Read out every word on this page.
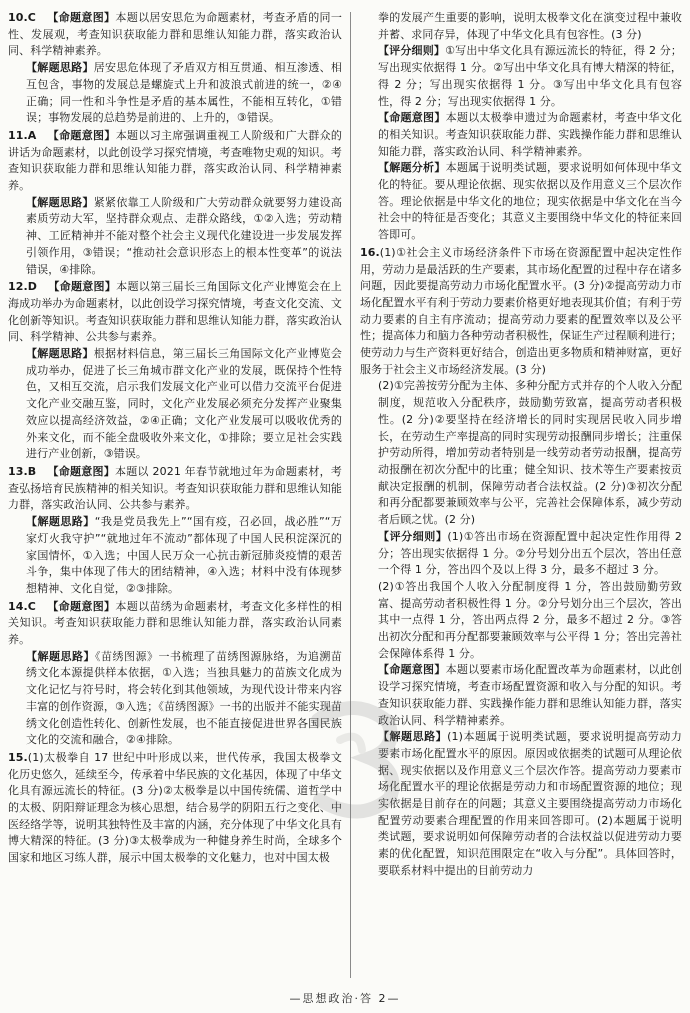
10.C  【命题意图】本题以居安思危为命题素材，考查矛盾的同一性、发展观，考查知识获取能力群和思维认知能力群，落实政治认同、科学精神素养。

【解题思路】居安思危体现了矛盾双方相互贯通、相互渗透、相互包含，事物的发展总是螺旋式上升和波浪式前进的统一，②④正确；同一性和斗争性是矛盾的基本属性，不能相互转化，①错误；事物发展的总趋势是前进的、上升的，③错误。

11.A  【命题意图】本题以习主席强调重视工人阶级和广大群众的讲话为命题素材，以此创设学习探究情境，考查唯物史观的知识。考查知识获取能力群和思维认知能力群，落实政治认同、科学精神素养。

【解题思路】紧紧依靠工人阶级和广大劳动群众就要努力建设高素质劳动大军，坚持群众观点、走群众路线，①②入选；劳动精神、工匠精神并不能对整个社会主义现代化建设进一步发展发挥引领作用，③错误；“推动社会意识形态上的根本性变革”的说法错误，④排除。

12.D  【命题意图】本题以第三届长三角国际文化产业博览会在上海成功举办为命题素材，以此创设学习探究情境，考查文化交流、文化创新等知识。考查知识获取能力群和思维认知能力群，落实政治认同、科学精神、公共参与素养。

【解题思路】根据材料信息，第三届长三角国际文化产业博览会成功举办，促进了长三角城市群文化产业的发展，既保持个性特色，又相互交流，启示我们发展文化产业可以借力交流平台促进文化产业交融互鉴，同时，文化产业发展必须充分发挥产业聚集效应以提高经济效益，②④正确；文化产业发展可以吸收优秀的外来文化，而不能全盘吸收外来文化，①排除；要立足社会实践进行产业创新，③错误。

13.B  【命题意图】本题以 2021 年春节就地过年为命题素材，考查弘扬培育民族精神的相关知识。考查知识获取能力群和思维认知能力群，落实政治认同、公共参与素养。

【解题思路】“我是党员我先上”“国有疫，召必回，战必胜”“万家灯火我守护”“就地过年不流动”都体现了中国人民积淀深沉的家国情怀，①入选；中国人民万众一心抗击新冠肺炎疫情的艰苦斗争，集中体现了伟大的团结精神，④入选；材料中没有体现梦想精神、文化自觉，②③排除。

14.C  【命题意图】本题以苗绣为命题素材，考查文化多样性的相关知识。考查知识获取能力群和思维认知能力群，落实政治认同素养。

【解题思路】《苗绣图源》一书梳理了苗绣图源脉络，为追溯苗绣文化本源提供样本依据，①入选；当独具魅力的苗族文化成为文化记忆与符号时，将会转化到其他领域，为现代设计带来内容丰富的创作资源，③入选；《苗绣图源》一书的出版并不能实现苗绣文化创造性转化、创新性发展，也不能直接促进世界各国民族文化的交流和融合，②④排除。

15.(1)太极拳自 17 世纪中叶形成以来，世代传承，我国太极拳文化历史悠久，延续至今，传承着中华民族的文化基因，体现了中华文化具有源远流长的特征。(3 分)②太极拳是以中国传统儒、道哲学中的太极、阴阳辩证理念为核心思想，结合易学的阴阳五行之变化、中医经络学等，说明其独特性及丰富的内涵，充分体现了中华文化具有博大精深的特征。(3 分)③太极拳成为一种健身养生时尚，全球多个国家和地区习练人群，展示中国太极拳的文化魅力，也对中国太极

拳的发展产生重要的影响，说明太极拳文化在演变过程中兼收并蓄、求同存异，体现了中华文化具有包容性。(3 分)

【评分细则】①写出中华文化具有源远流长的特征，得 2 分；写出现实依据得 1 分。②写出中华文化具有博大精深的特征，得 2 分；写出现实依据得 1 分。③写出中华文化具有包容性，得 2 分；写出现实依据得 1 分。

【命题意图】本题以太极拳申遗过为命题素材，考查中华文化的相关知识。考查知识获取能力群、实践操作能力群和思维认知能力群，落实政治认同、科学精神素养。

【解题分析】本题属于说明类试题，要求说明如何体现中华文化的特征。要从理论依据、现实依据以及作用意义三个层次作答。理论依据是中华文化的地位；现实依据是中华文化在当今社会中的特征是否变化；其意义主要围绕中华文化的特征来回答即可。

16.(1)①社会主义市场经济条件下市场在资源配置中起决定性作用，劳动力是最活跃的生产要素，其市场化配置的过程中存在诸多问题，因此要提高劳动力市场化配置水平。(3 分)②提高劳动力市场化配置水平有利于劳动力要素价格更好地表现其价值；有利于劳动力要素的自主有序流动；提高劳动力要素的配置效率以及公平性；提高体力和脑力各种劳动者积极性，保证生产过程顺利进行；使劳动力与生产资料更好结合，创造出更多物质和精神财富，更好服务于社会主义市场经济发展。(3 分)

(2)①完善按劳分配为主体、多种分配方式并存的个人收入分配制度，规范收入分配秩序，鼓励勤劳致富，提高劳动者积极性。(2 分)②要坚持在经济增长的同时实现居民收入同步增长，在劳动生产率提高的同时实现劳动报酬同步增长；注重保护劳动所得，增加劳动者特别是一线劳动者劳动报酬，提高劳动报酬在初次分配中的比重；健全知识、技术等生产要素按贡献决定报酬的机制，保障劳动者合法权益。(2 分)③初次分配和再分配都要兼顾效率与公平，完善社会保障体系，减少劳动者后顾之忧。(2 分)

【评分细则】(1)①答出市场在资源配置中起决定性作用得 2 分；答出现实依据得 1 分。②分号划分出五个层次，答出任意一个得 1 分，答出四个及以上得 3 分，最多不超过 3 分。

(2)①答出我国个人收入分配制度得 1 分，答出鼓励勤劳致富、提高劳动者积极性得 1 分。②分号划分出三个层次，答出其中一点得 1 分，答出两点得 2 分，最多不超过 2 分。③答出初次分配和再分配都要兼顾效率与公平得 1 分；答出完善社会保障体系得 1 分。

【命题意图】本题以要素市场化配置改革为命题素材，以此创设学习探究情境，考查市场配置资源和收入与分配的知识。考查知识获取能力群、实践操作能力群和思维认知能力群，落实政治认同、科学精神素养。

【解题思路】(1)本题属于说明类试题，要求说明提高劳动力要素市场化配置水平的原因。原因或依据类的试题可从理论依据、现实依据以及作用意义三个层次作答。提高劳动力要素市场化配置水平的理论依据是劳动力和市场配置资源的地位；现实依据是目前存在的问题；其意义主要围绕提高劳动力市场化配置劳动要素合理配置的作用来回答即可。(2)本题属于说明类试题，要求说明如何保障劳动者的合法权益以促进劳动力要素的优化配置，知识范围限定在“收入与分配”。具体回答时，要联系材料中提出的目前劳动力

—思想政治·答 2—
